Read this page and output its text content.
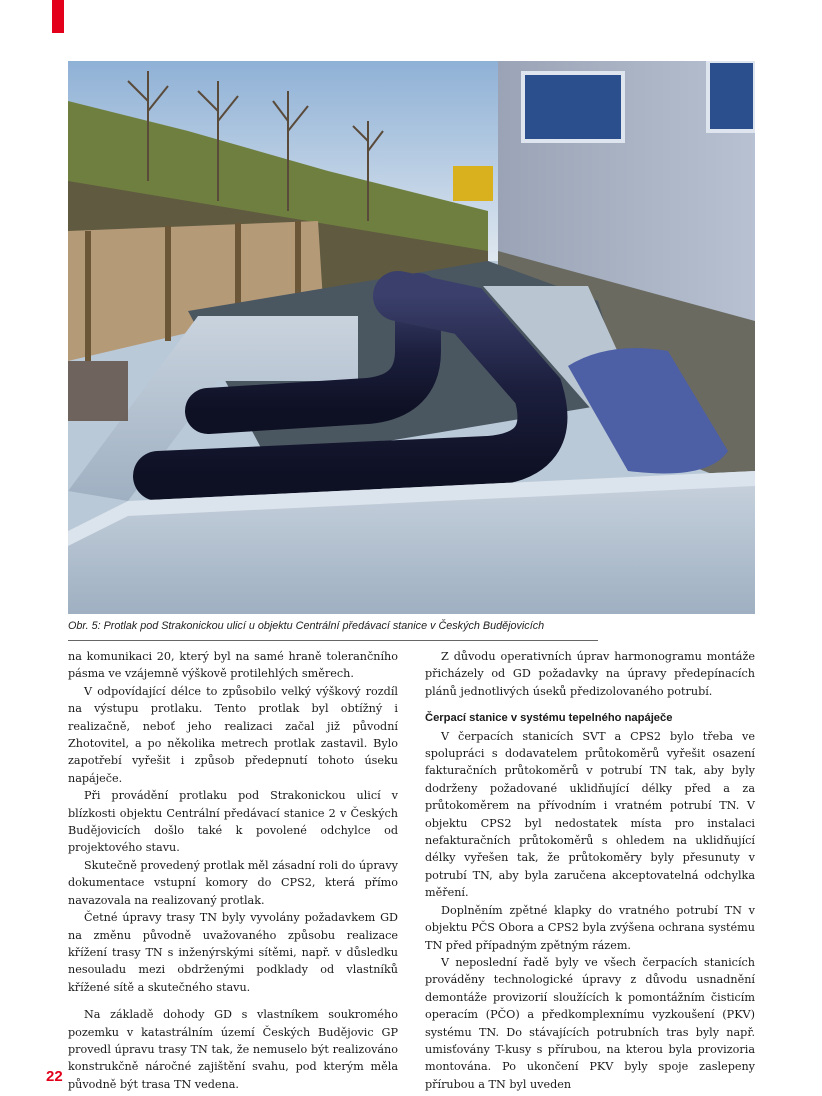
Obr. 5: Protlak pod Strakonickou ulicí u objektu Centrální předávací stanice v Českých Budějovicích

na komunikaci 20, který byl na samé hraně tolerančního pásma ve vzájemně výškově protilehlých směrech.

V odpovídající délce to způsobilo velký výškový rozdíl na výstupu protlaku. Tento protlak byl obtížný i realizačně, neboť jeho realizaci začal již původní Zhotovitel, a po několika metrech protlak zastavil. Bylo zapotřebí vyřešit i způsob předepnutí tohoto úseku napáječe.

Při provádění protlaku pod Strakonickou ulicí v blízkosti objektu Centrální předávací stanice 2 v Českých Budějovicích došlo také k povolené odchylce od projektového stavu.

Skutečně provedený protlak měl zásadní roli do úpravy dokumentace vstupní komory do CPS2, která přímo navazovala na realizovaný protlak.

Četné úpravy trasy TN byly vyvolány požadavkem GD na změnu původně uvažovaného způsobu realizace křížení trasy TN s inženýrskými sítěmi, např. v důsledku nesouladu mezi obdrženými podklady od vlastníků křížené sítě a skutečného stavu.

Na základě dohody GD s vlastníkem soukromého pozemku v katastrálním území Českých Budějovic GP provedl úpravu trasy TN tak, že nemuselo být realizováno konstrukčně náročné zajištění svahu, pod kterým měla původně být trasa TN vedena.

Z důvodu operativních úprav harmonogramu montáže přicházely od GD požadavky na úpravy předepínacích plánů jednotlivých úseků předizolovaného potrubí.

Čerpací stanice v systému tepelného napáječe

V čerpacích stanicích SVT a CPS2 bylo třeba ve spolupráci s dodavatelem průtokoměrů vyřešit osazení fakturačních průtokoměrů v potrubí TN tak, aby byly dodrženy požadované uklidňující délky před a za průtokoměrem na přívodním i vratném potrubí TN. V objektu CPS2 byl nedostatek místa pro instalaci nefakturačních průtokoměrů s ohledem na uklidňující délky vyřešen tak, že průtokoměry byly přesunuty v potrubí TN, aby byla zaručena akceptovatelná odchylka měření.

Doplněním zpětné klapky do vratného potrubí TN v objektu PČS Obora a CPS2 byla zvýšena ochrana systému TN před případným zpětným rázem.

V neposlední řadě byly ve všech čerpacích stanicích prováděny technologické úpravy z důvodu usnadnění demontáže provizorií sloužících k pomontážním čisticím operacím (PČO) a předkomplexnímu vyzkoušení (PKV) systému TN. Do stávajících potrubních tras byly např. umisťovány T-kusy s přírubou, na kterou byla provizoria montována. Po ukončení PKV byly spoje zaslepeny přírubou a TN byl uveden

22
